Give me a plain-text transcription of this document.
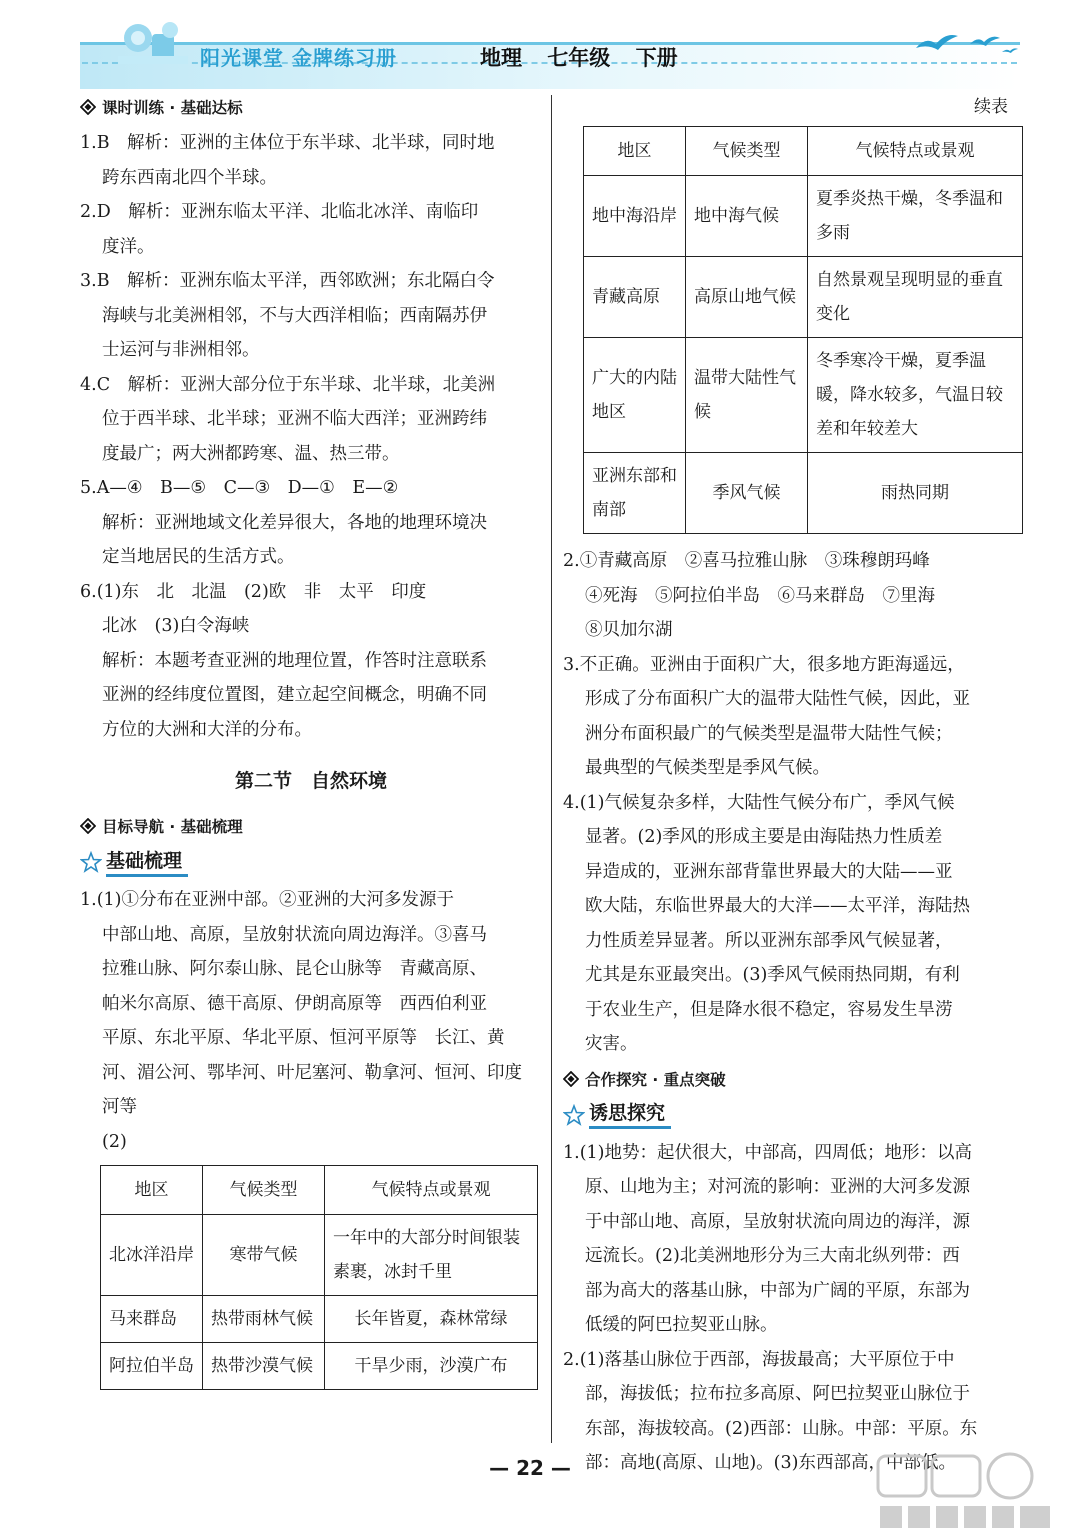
阳光课堂 金牌练习册	地理 七年级 下册
课时训练 · 基础达标

1.B　解析：亚洲的主体位于东半球、北半球，同时地

跨东西南北四个半球。

2.D　解析：亚洲东临太平洋、北临北冰洋、南临印

度洋。

3.B　解析：亚洲东临太平洋，西邻欧洲；东北隔白令

海峡与北美洲相邻，不与大西洋相临；西南隔苏伊

士运河与非洲相邻。

4.C　解析：亚洲大部分位于东半球、北半球，北美洲

位于西半球、北半球；亚洲不临大西洋；亚洲跨纬

度最广；两大洲都跨寒、温、热三带。

5.A—④　B—⑤　C—③　D—①　E—②

解析：亚洲地域文化差异很大，各地的地理环境决

定当地居民的生活方式。

6.(1)东　北　北温　(2)欧　非　太平　印度

北冰　(3)白令海峡

解析：本题考查亚洲的地理位置，作答时注意联系

亚洲的经纬度位置图，建立起空间概念，明确不同

方位的大洲和大洋的分布。

第二节　自然环境
目标导航 · 基础梳理
基础梳理

1.(1)①分布在亚洲中部。②亚洲的大河多发源于

中部山地、高原，呈放射状流向周边海洋。③喜马

拉雅山脉、阿尔泰山脉、昆仑山脉等　青藏高原、

帕米尔高原、德干高原、伊朗高原等　西西伯利亚

平原、东北平原、华北平原、恒河平原等　长江、黄

河、湄公河、鄂毕河、叶尼塞河、勒拿河、恒河、印度

河等

(2)

地区	气候类型	气候特点或景观
北冰洋沿岸	寒带气候	一年中的大部分时间银装素裹，冰封千里
马来群岛	热带雨林气候	长年皆夏，森林常绿
阿拉伯半岛	热带沙漠气候	干旱少雨，沙漠广布
续表
地区	气候类型	气候特点或景观
地中海沿岸	地中海气候	夏季炎热干燥，冬季温和多雨
青藏高原	高原山地气候	自然景观呈现明显的垂直变化
广大的内陆地区	温带大陆性气候	冬季寒冷干燥，夏季温暖，降水较多，气温日较差和年较差大
亚洲东部和南部	季风气候	雨热同期

2.①青藏高原　②喜马拉雅山脉　③珠穆朗玛峰

④死海　⑤阿拉伯半岛　⑥马来群岛　⑦里海

⑧贝加尔湖

3.不正确。亚洲由于面积广大，很多地方距海遥远，

形成了分布面积广大的温带大陆性气候，因此，亚

洲分布面积最广的气候类型是温带大陆性气候；

最典型的气候类型是季风气候。

4.(1)气候复杂多样，大陆性气候分布广，季风气候

显著。(2)季风的形成主要是由海陆热力性质差

异造成的，亚洲东部背靠世界最大的大陆——亚

欧大陆，东临世界最大的大洋——太平洋，海陆热

力性质差异显著。所以亚洲东部季风气候显著，

尤其是东亚最突出。(3)季风气候雨热同期，有利

于农业生产，但是降水很不稳定，容易发生旱涝

灾害。

合作探究 · 重点突破
诱思探究

1.(1)地势：起伏很大，中部高，四周低；地形：以高

原、山地为主；对河流的影响：亚洲的大河多发源

于中部山地、高原，呈放射状流向周边的海洋，源

远流长。(2)北美洲地形分为三大南北纵列带：西

部为高大的落基山脉，中部为广阔的平原，东部为

低缓的阿巴拉契亚山脉。

2.(1)落基山脉位于西部，海拔最高；大平原位于中

部，海拔低；拉布拉多高原、阿巴拉契亚山脉位于

东部，海拔较高。(2)西部：山脉。中部：平原。东

部：高地(高原、山地)。(3)东西部高，中部低。

— 22 —
